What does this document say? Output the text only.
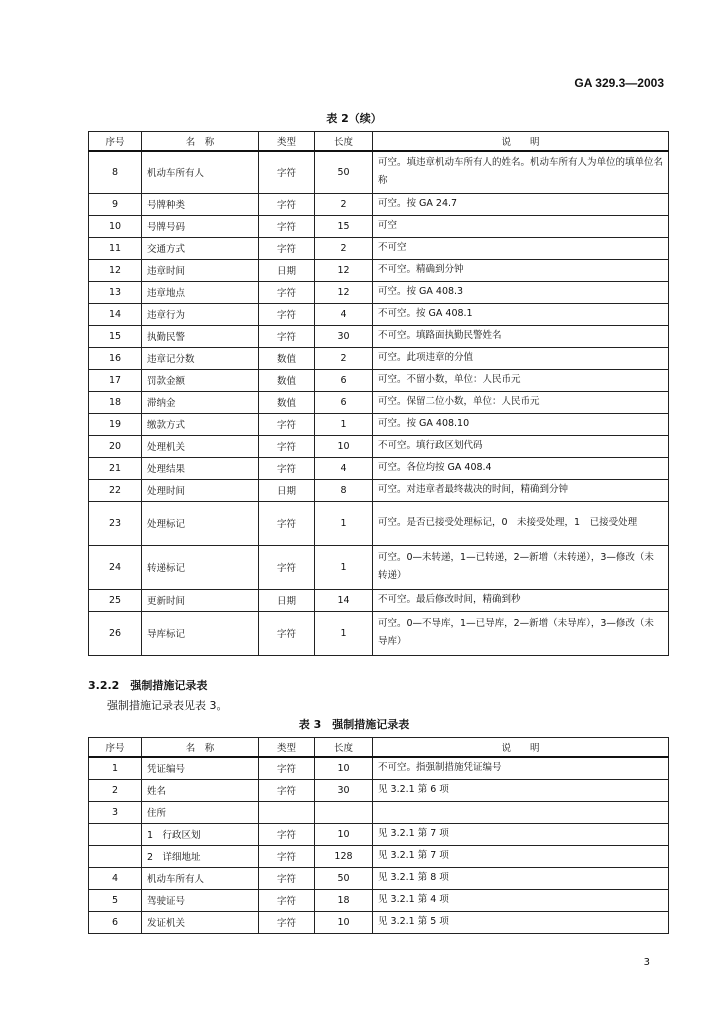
GA 329.3—2003
表 2（续）
序号	名　称	类型	长度	说　　明
8	机动车所有人	字符	50	可空。填违章机动车所有人的姓名。机动车所有人为单位的填单位名称
9	号牌种类	字符	2	可空。按 GA 24.7
10	号牌号码	字符	15	可空
11	交通方式	字符	2	不可空
12	违章时间	日期	12	不可空。精确到分钟
13	违章地点	字符	12	可空。按 GA 408.3
14	违章行为	字符	4	不可空。按 GA 408.1
15	执勤民警	字符	30	不可空。填路面执勤民警姓名
16	违章记分数	数值	2	可空。此项违章的分值
17	罚款金额	数值	6	可空。不留小数，单位：人民币元
18	滞纳金	数值	6	可空。保留二位小数，单位：人民币元
19	缴款方式	字符	1	可空。按 GA 408.10
20	处理机关	字符	10	不可空。填行政区划代码
21	处理结果	字符	4	可空。各位均按 GA 408.4
22	处理时间	日期	8	可空。对违章者最终裁决的时间，精确到分钟
23	处理标记	字符	1	可空。是否已接受处理标记，0　未接受处理，1　已接受处理
24	转递标记	字符	1	可空。0—未转递，1—已转递，2—新增（未转递），3—修改（未转递）
25	更新时间	日期	14	不可空。最后修改时间，精确到秒
26	导库标记	字符	1	可空。0—不导库，1—已导库，2—新增（未导库），3—修改（未导库）
3.2.2　强制措施记录表
强制措施记录表见表 3。
表 3　强制措施记录表
序号	名　称	类型	长度	说　　明
1	凭证编号	字符	10	不可空。指强制措施凭证编号
2	姓名	字符	30	见 3.2.1 第 6 项
3	住所			
	1　行政区划	字符	10	见 3.2.1 第 7 项
	2　详细地址	字符	128	见 3.2.1 第 7 项
4	机动车所有人	字符	50	见 3.2.1 第 8 项
5	驾驶证号	字符	18	见 3.2.1 第 4 项
6	发证机关	字符	10	见 3.2.1 第 5 项
3
